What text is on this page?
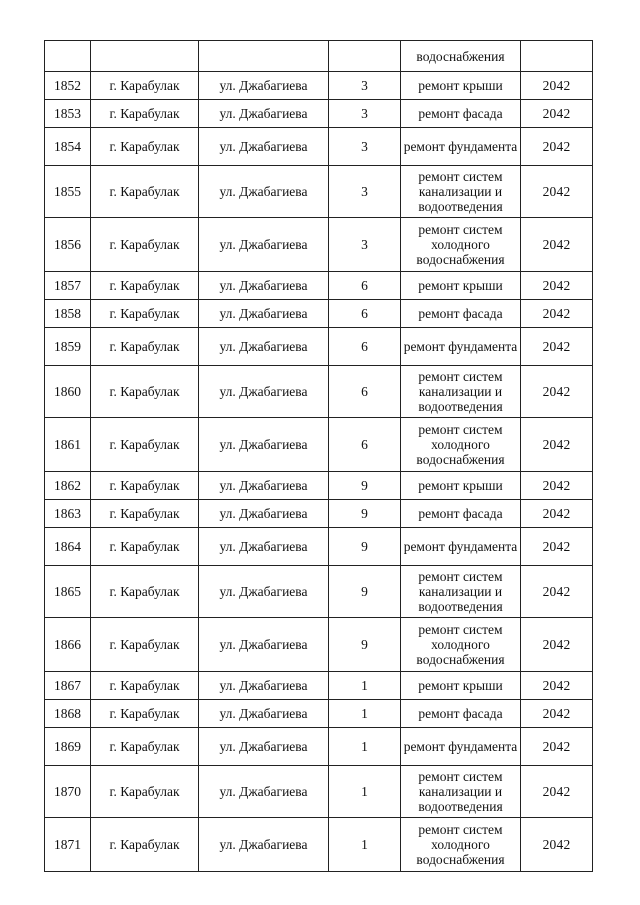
				водоснабжения	
1852	г. Карабулак	ул. Джабагиева	3	ремонт крыши	2042
1853	г. Карабулак	ул. Джабагиева	3	ремонт фасада	2042
1854	г. Карабулак	ул. Джабагиева	3	ремонт фундамента	2042
1855	г. Карабулак	ул. Джабагиева	3	ремонт систем канализации и водоотведения	2042
1856	г. Карабулак	ул. Джабагиева	3	ремонт систем холодного водоснабжения	2042
1857	г. Карабулак	ул. Джабагиева	6	ремонт крыши	2042
1858	г. Карабулак	ул. Джабагиева	6	ремонт фасада	2042
1859	г. Карабулак	ул. Джабагиева	6	ремонт фундамента	2042
1860	г. Карабулак	ул. Джабагиева	6	ремонт систем канализации и водоотведения	2042
1861	г. Карабулак	ул. Джабагиева	6	ремонт систем холодного водоснабжения	2042
1862	г. Карабулак	ул. Джабагиева	9	ремонт крыши	2042
1863	г. Карабулак	ул. Джабагиева	9	ремонт фасада	2042
1864	г. Карабулак	ул. Джабагиева	9	ремонт фундамента	2042
1865	г. Карабулак	ул. Джабагиева	9	ремонт систем канализации и водоотведения	2042
1866	г. Карабулак	ул. Джабагиева	9	ремонт систем холодного водоснабжения	2042
1867	г. Карабулак	ул. Джабагиева	1	ремонт крыши	2042
1868	г. Карабулак	ул. Джабагиева	1	ремонт фасада	2042
1869	г. Карабулак	ул. Джабагиева	1	ремонт фундамента	2042
1870	г. Карабулак	ул. Джабагиева	1	ремонт систем канализации и водоотведения	2042
1871	г. Карабулак	ул. Джабагиева	1	ремонт систем холодного водоснабжения	2042
